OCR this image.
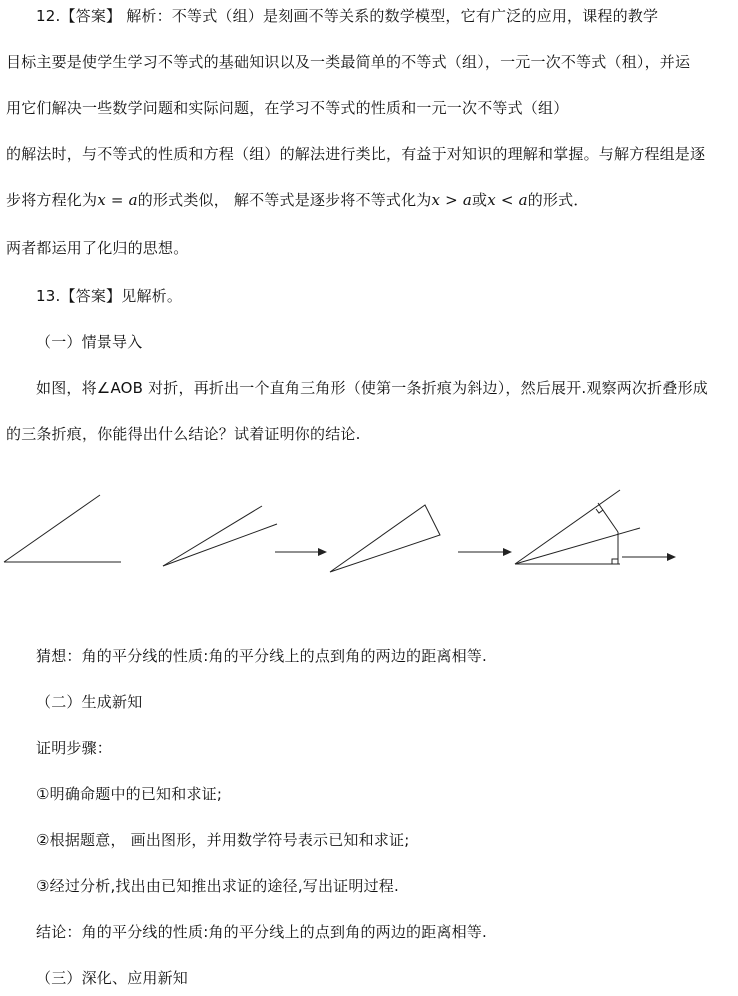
12.【答案】 解析：不等式（组）是刻画不等关系的数学模型，它有广泛的应用，课程的教学
目标主要是使学生学习不等式的基础知识以及一类最简单的不等式（组），一元一次不等式（租），并运
用它们解决一些数学问题和实际问题，在学习不等式的性质和一元一次不等式（组）
的解法时，与不等式的性质和方程（组）的解法进行类比，有益于对知识的理解和掌握。与解方程组是逐
步将方程化为x = a的形式类似， 解不等式是逐步将不等式化为x > a或x < a的形式．
两者都运用了化归的思想。
13.【答案】见解析。
（一）情景导入
如图，将∠AOB 对折，再折出一个直角三角形（使第一条折痕为斜边），然后展开.观察两次折叠形成
的三条折痕，你能得出什么结论？试着证明你的结论.
猜想：角的平分线的性质:角的平分线上的点到角的两边的距离相等.
（二）生成新知
证明步骤：
①明确命题中的已知和求证;
②根据题意， 画出图形，并用数学符号表示已知和求证;
③经过分析,找出由已知推出求证的途径,写出证明过程.
结论：角的平分线的性质:角的平分线上的点到角的两边的距离相等.
（三）深化、应用新知
